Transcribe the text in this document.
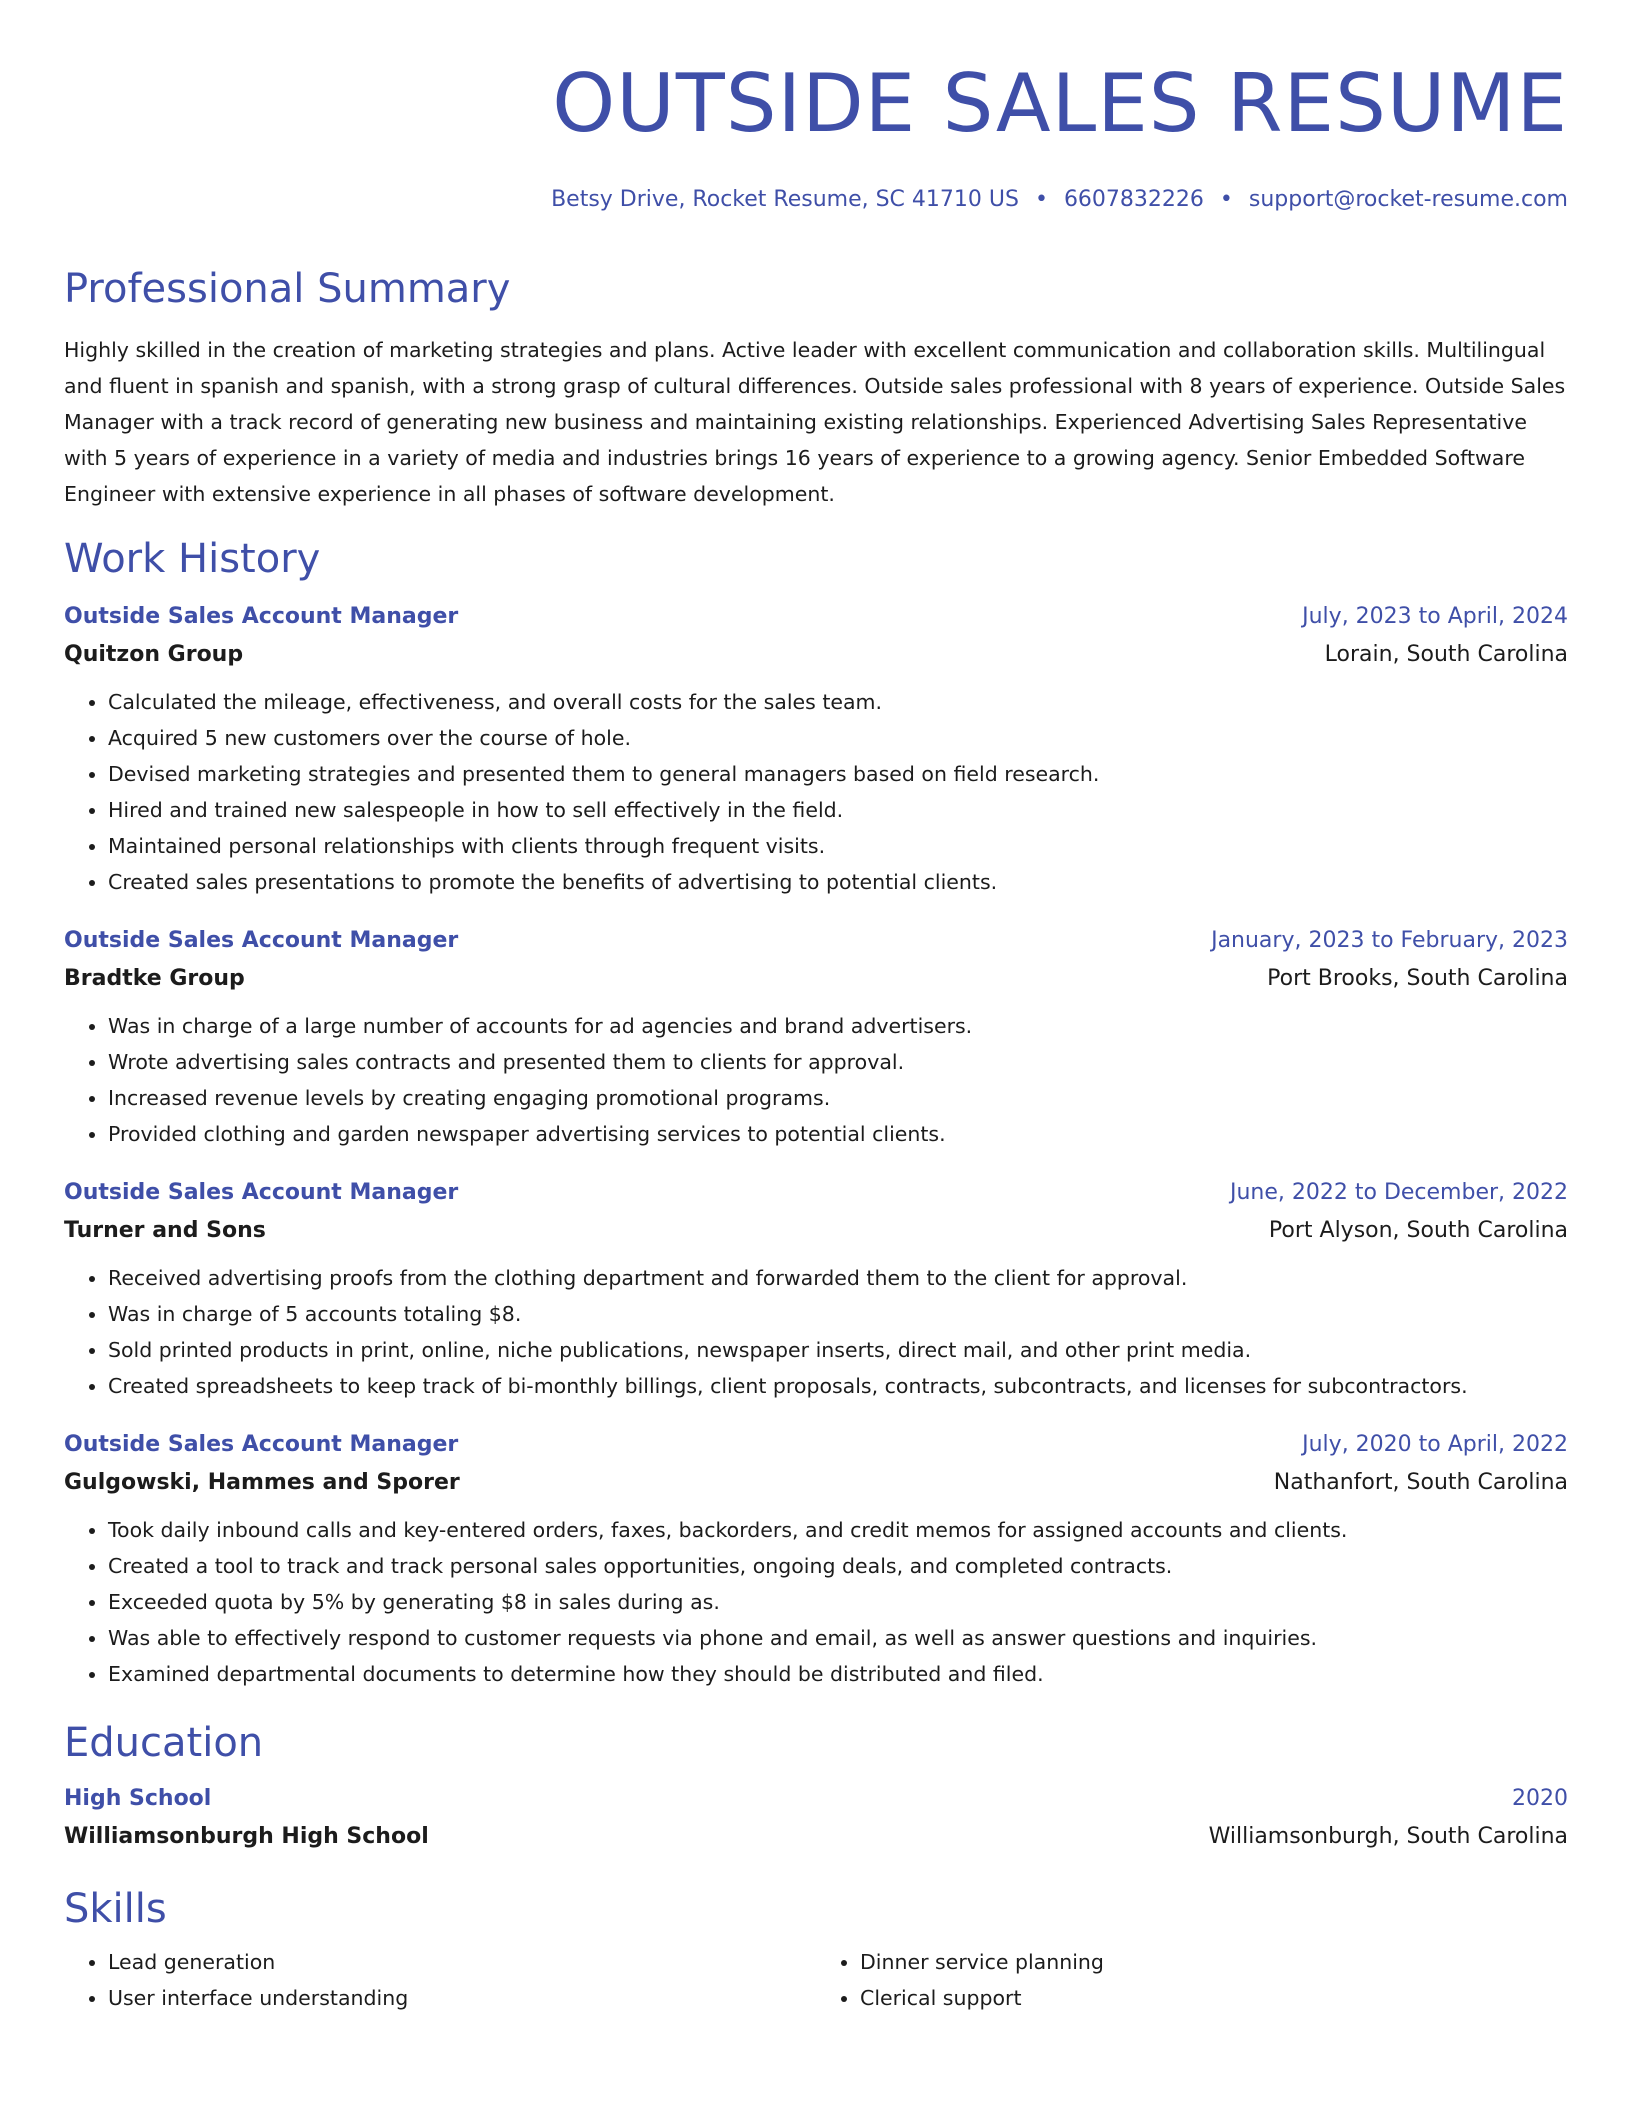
OUTSIDE SALES RESUME
Betsy Drive, Rocket Resume, SC 41710 US • 6607832226 • support@rocket-resume.com
Professional Summary

Highly skilled in the creation of marketing strategies and plans. Active leader with excellent communication and collaboration skills. Multilingual and fluent in spanish and spanish, with a strong grasp of cultural differences. Outside sales professional with 8 years of experience. Outside Sales Manager with a track record of generating new business and maintaining existing relationships. Experienced Advertising Sales Representative with 5 years of experience in a variety of media and industries brings 16 years of experience to a growing agency. Senior Embedded Software Engineer with extensive experience in all phases of software development.

Work History
Outside Sales Account Manager	July, 2023 to April, 2024
Quitzon Group	Lorain, South Carolina
• Calculated the mileage, effectiveness, and overall costs for the sales team.
• Acquired 5 new customers over the course of hole.
• Devised marketing strategies and presented them to general managers based on field research.
• Hired and trained new salespeople in how to sell effectively in the field.
• Maintained personal relationships with clients through frequent visits.
• Created sales presentations to promote the benefits of advertising to potential clients.
Outside Sales Account Manager	January, 2023 to February, 2023
Bradtke Group	Port Brooks, South Carolina
• Was in charge of a large number of accounts for ad agencies and brand advertisers.
• Wrote advertising sales contracts and presented them to clients for approval.
• Increased revenue levels by creating engaging promotional programs.
• Provided clothing and garden newspaper advertising services to potential clients.
Outside Sales Account Manager	June, 2022 to December, 2022
Turner and Sons	Port Alyson, South Carolina
• Received advertising proofs from the clothing department and forwarded them to the client for approval.
• Was in charge of 5 accounts totaling $8.
• Sold printed products in print, online, niche publications, newspaper inserts, direct mail, and other print media.
• Created spreadsheets to keep track of bi-monthly billings, client proposals, contracts, subcontracts, and licenses for subcontractors.
Outside Sales Account Manager	July, 2020 to April, 2022
Gulgowski, Hammes and Sporer	Nathanfort, South Carolina
• Took daily inbound calls and key-entered orders, faxes, backorders, and credit memos for assigned accounts and clients.
• Created a tool to track and track personal sales opportunities, ongoing deals, and completed contracts.
• Exceeded quota by 5% by generating $8 in sales during as.
• Was able to effectively respond to customer requests via phone and email, as well as answer questions and inquiries.
• Examined departmental documents to determine how they should be distributed and filed.
Education
High School	2020
Williamsonburgh High School	Williamsonburgh, South Carolina
Skills
• Lead generation
• User interface understanding
• Dinner service planning
• Clerical support
